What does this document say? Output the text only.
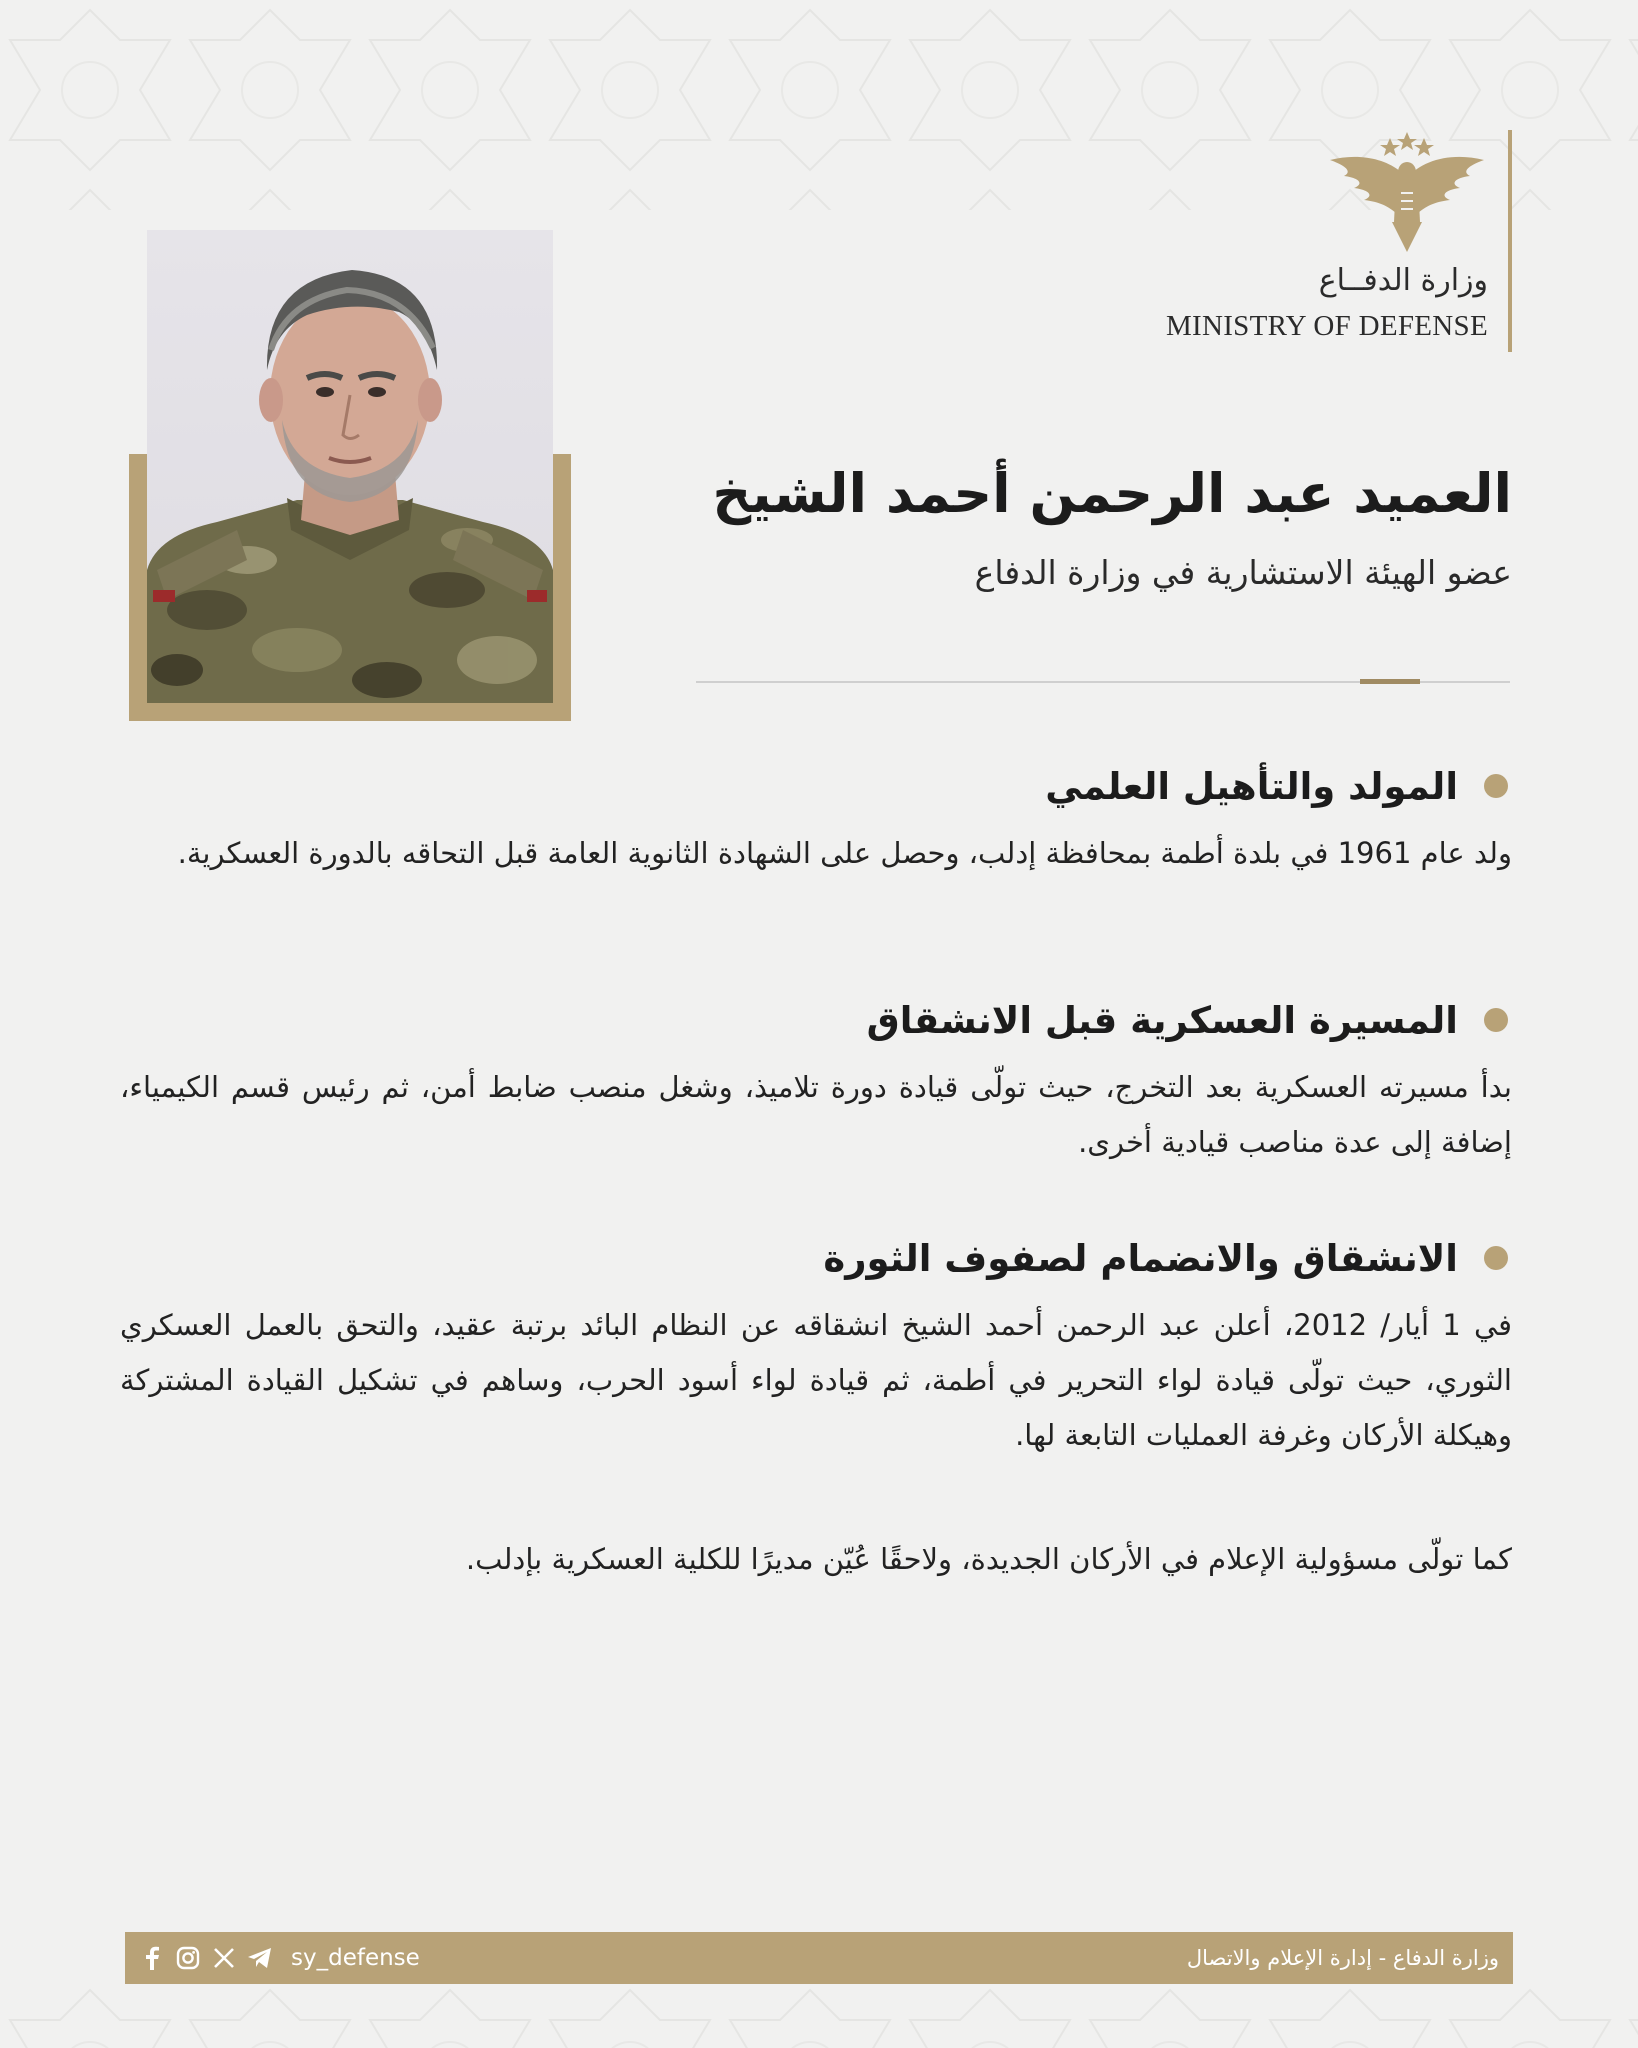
وزارة الدفــاع
MINISTRY OF DEFENSE
العميد عبد الرحمن أحمد الشيخ
عضو الهيئة الاستشارية في وزارة الدفاع
المولد والتأهيل العلمي
ولد عام 1961 في بلدة أطمة بمحافظة إدلب، وحصل على الشهادة الثانوية العامة قبل التحاقه بالدورة العسكرية.
المسيرة العسكرية قبل الانشقاق
بدأ مسيرته العسكرية بعد التخرج، حيث تولّى قيادة دورة تلاميذ، وشغل منصب ضابط أمن، ثم رئيس قسم الكيمياء، إضافة إلى عدة مناصب قيادية أخرى.
الانشقاق والانضمام لصفوف الثورة
في 1 أيار/ 2012، أعلن عبد الرحمن أحمد الشيخ انشقاقه عن النظام البائد برتبة عقيد، والتحق بالعمل العسكري الثوري، حيث تولّى قيادة لواء التحرير في أطمة، ثم قيادة لواء أسود الحرب، وساهم في تشكيل القيادة المشتركة وهيكلة الأركان وغرفة العمليات التابعة لها.
كما تولّى مسؤولية الإعلام في الأركان الجديدة، ولاحقًا عُيّن مديرًا للكلية العسكرية بإدلب.
sy_defense	وزارة الدفاع - إدارة الإعلام والاتصال
